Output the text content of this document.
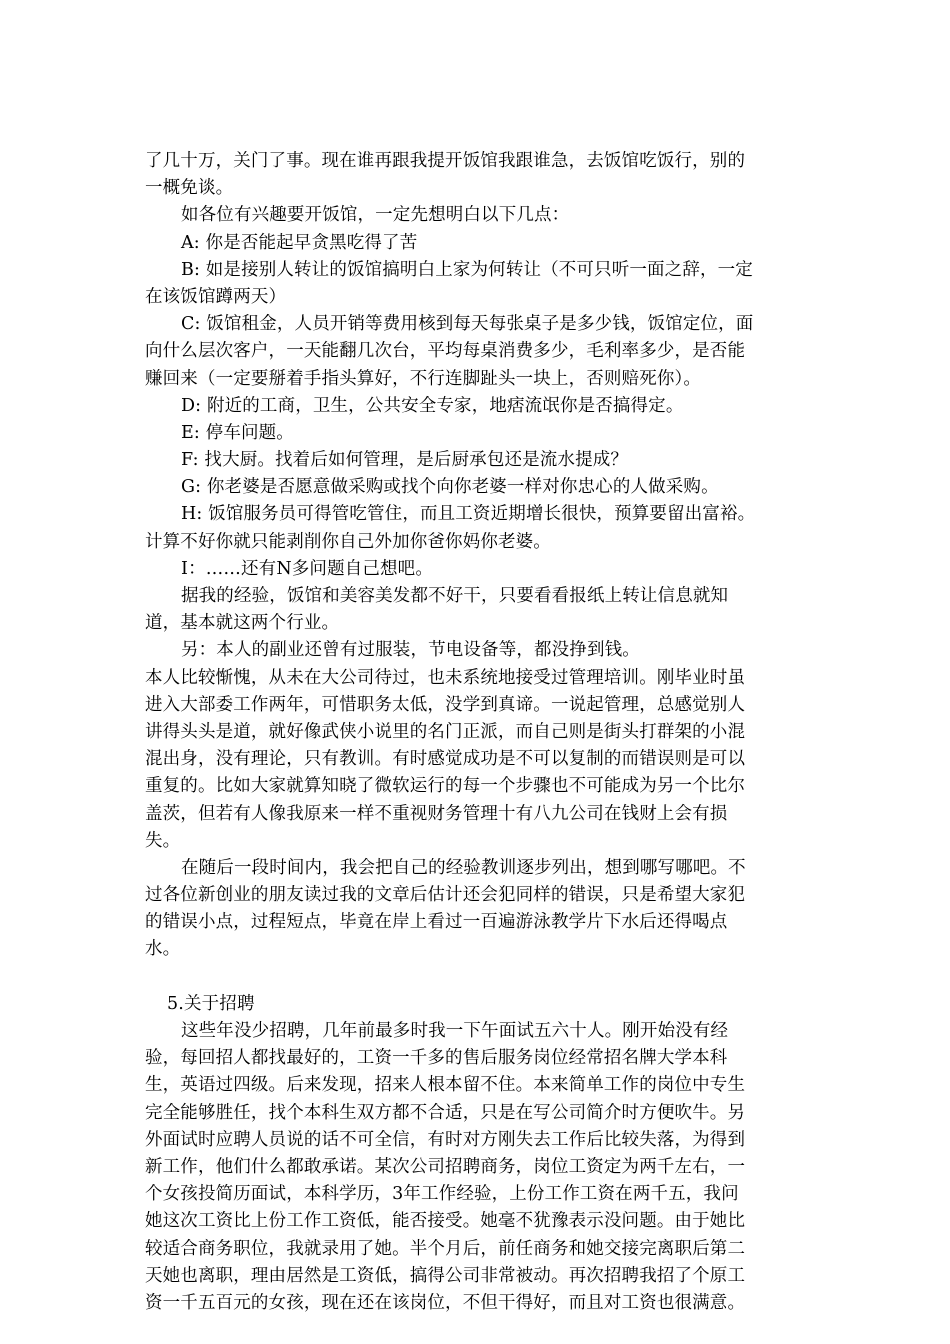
了几十万，关门了事。现在谁再跟我提开饭馆我跟谁急，去饭馆吃饭行，别的
一概免谈。
如各位有兴趣要开饭馆，一定先想明白以下几点：
A: 你是否能起早贪黑吃得了苦
B: 如是接别人转让的饭馆搞明白上家为何转让（不可只听一面之辞，一定
在该饭馆蹲两天）
C: 饭馆租金，人员开销等费用核到每天每张桌子是多少钱，饭馆定位，面
向什么层次客户，一天能翻几次台，平均每桌消费多少，毛利率多少，是否能
赚回来（一定要掰着手指头算好，不行连脚趾头一块上，否则赔死你）。
D: 附近的工商，卫生，公共安全专家，地痞流氓你是否搞得定。
E: 停车问题。
F: 找大厨。找着后如何管理，是后厨承包还是流水提成？
G: 你老婆是否愿意做采购或找个向你老婆一样对你忠心的人做采购。
H: 饭馆服务员可得管吃管住，而且工资近期增长很快，预算要留出富裕。
计算不好你就只能剥削你自己外加你爸你妈你老婆。
I：……还有N多问题自己想吧。
据我的经验，饭馆和美容美发都不好干，只要看看报纸上转让信息就知
道，基本就这两个行业。
另：本人的副业还曾有过服装，节电设备等，都没挣到钱。
本人比较惭愧，从未在大公司待过，也未系统地接受过管理培训。刚毕业时虽
进入大部委工作两年，可惜职务太低，没学到真谛。一说起管理，总感觉别人
讲得头头是道，就好像武侠小说里的名门正派，而自己则是街头打群架的小混
混出身，没有理论，只有教训。有时感觉成功是不可以复制的而错误则是可以
重复的。比如大家就算知晓了微软运行的每一个步骤也不可能成为另一个比尔
盖茨，但若有人像我原来一样不重视财务管理十有八九公司在钱财上会有损
失。
在随后一段时间内，我会把自己的经验教训逐步列出，想到哪写哪吧。不
过各位新创业的朋友读过我的文章后估计还会犯同样的错误，只是希望大家犯
的错误小点，过程短点，毕竟在岸上看过一百遍游泳教学片下水后还得喝点
水。
5.关于招聘
这些年没少招聘，几年前最多时我一下午面试五六十人。刚开始没有经
验，每回招人都找最好的，工资一千多的售后服务岗位经常招名牌大学本科
生，英语过四级。后来发现，招来人根本留不住。本来简单工作的岗位中专生
完全能够胜任，找个本科生双方都不合适，只是在写公司简介时方便吹牛。另
外面试时应聘人员说的话不可全信，有时对方刚失去工作后比较失落，为得到
新工作，他们什么都敢承诺。某次公司招聘商务，岗位工资定为两千左右，一
个女孩投简历面试，本科学历，3年工作经验，上份工作工资在两千五，我问
她这次工资比上份工作工资低，能否接受。她毫不犹豫表示没问题。由于她比
较适合商务职位，我就录用了她。半个月后，前任商务和她交接完离职后第二
天她也离职，理由居然是工资低，搞得公司非常被动。再次招聘我招了个原工
资一千五百元的女孩，现在还在该岗位，不但干得好，而且对工资也很满意。
